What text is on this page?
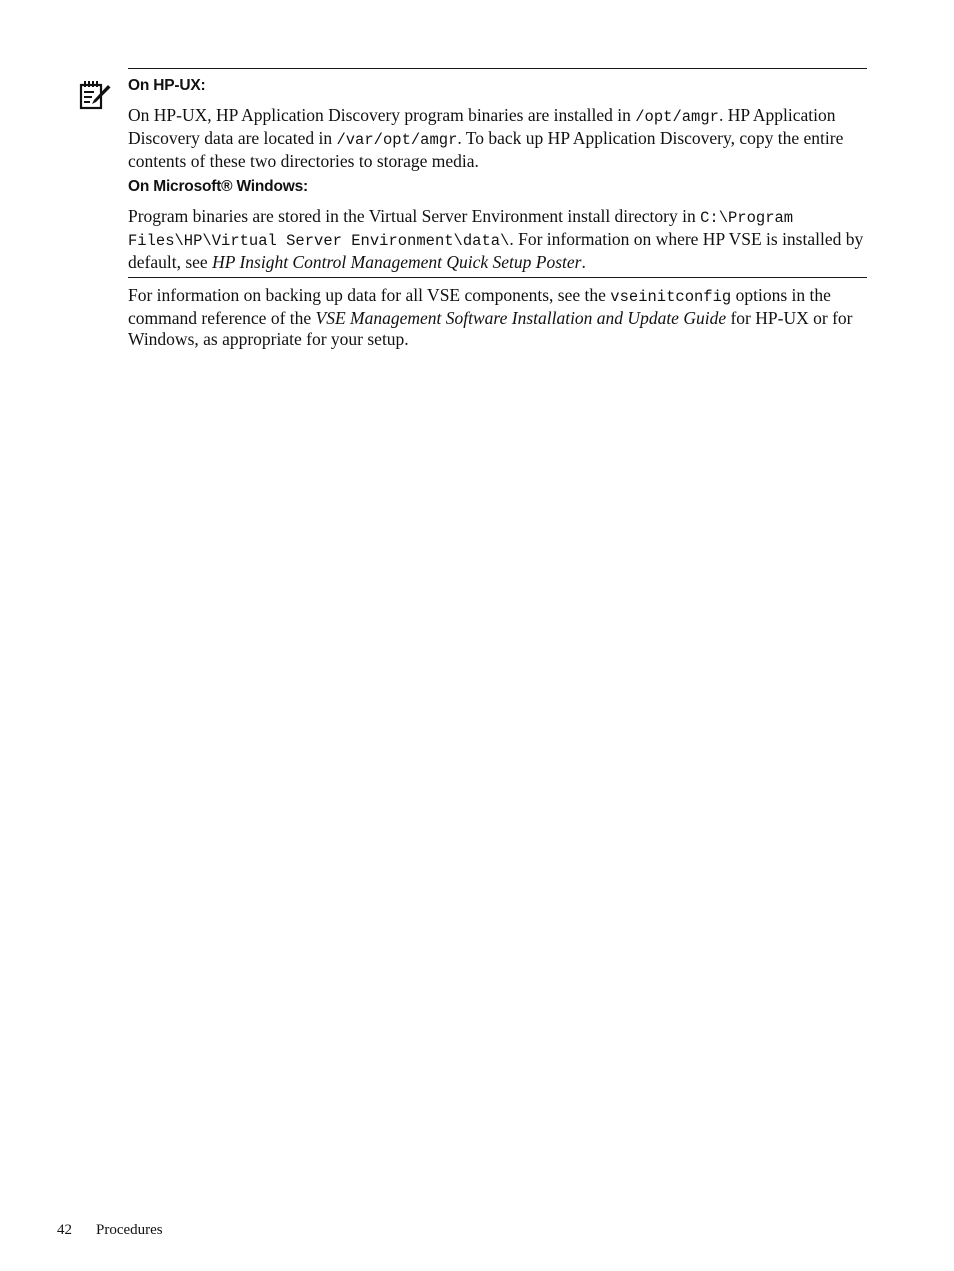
On HP-UX:

On HP-UX, HP Application Discovery program binaries are installed in /opt/amgr. HP Application Discovery data are located in /var/opt/amgr. To back up HP Application Discovery, copy the entire contents of these two directories to storage media.

On Microsoft® Windows:

Program binaries are stored in the Virtual Server Environment install directory in C:\Program Files\HP\Virtual Server Environment\data\. For information on where HP VSE is installed by default, see HP Insight Control Management Quick Setup Poster.

For information on backing up data for all VSE components, see the vseinitconfig options in the command reference of the VSE Management Software Installation and Update Guide for HP-UX or for Windows, as appropriate for your setup.

42 Procedures
